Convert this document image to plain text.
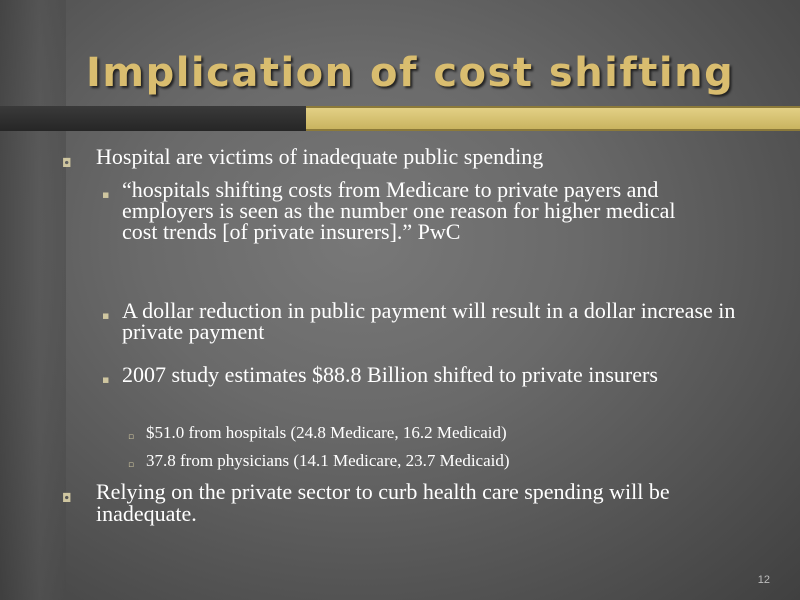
Implication of cost shifting
◘ Hospital are victims of inadequate public spending
▪ “hospitals shifting costs from Medicare to private payers and employers is seen as the number one reason for higher medical cost trends [of private insurers].” PwC
▪ A dollar reduction in public payment will result in a dollar increase in private payment
▪ 2007 study estimates $88.8 Billion shifted to private insurers
▫ $51.0 from hospitals (24.8 Medicare, 16.2 Medicaid)
▫ 37.8 from physicians (14.1 Medicare, 23.7 Medicaid)
◘ Relying on the private sector to curb health care spending will be inadequate.
12
